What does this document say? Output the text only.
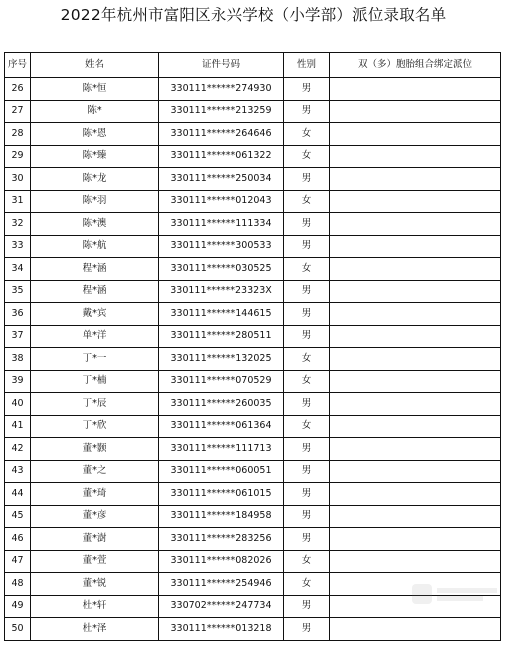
2022年杭州市富阳区永兴学校（小学部）派位录取名单
序号	姓名	证件号码	性别	双（多）胞胎组合绑定派位
26	陈*恒	330111******274930	男	
27	陈*	330111******213259	男	
28	陈*恩	330111******264646	女	
29	陈*臻	330111******061322	女	
30	陈*龙	330111******250034	男	
31	陈*羽	330111******012043	女	
32	陈*澳	330111******111334	男	
33	陈*航	330111******300533	男	
34	程*涵	330111******030525	女	
35	程*涵	330111******23323X	男	
36	戴*宾	330111******144615	男	
37	单*洋	330111******280511	男	
38	丁*一	330111******132025	女	
39	丁*楠	330111******070529	女	
40	丁*辰	330111******260035	男	
41	丁*欣	330111******061364	女	
42	董*颢	330111******111713	男	
43	董*之	330111******060051	男	
44	董*琦	330111******061015	男	
45	董*彦	330111******184958	男	
46	董*澍	330111******283256	男	
47	董*萱	330111******082026	女	
48	董*锐	330111******254946	女	
49	杜*轩	330702******247734	男	
50	杜*泽	330111******013218	男	
